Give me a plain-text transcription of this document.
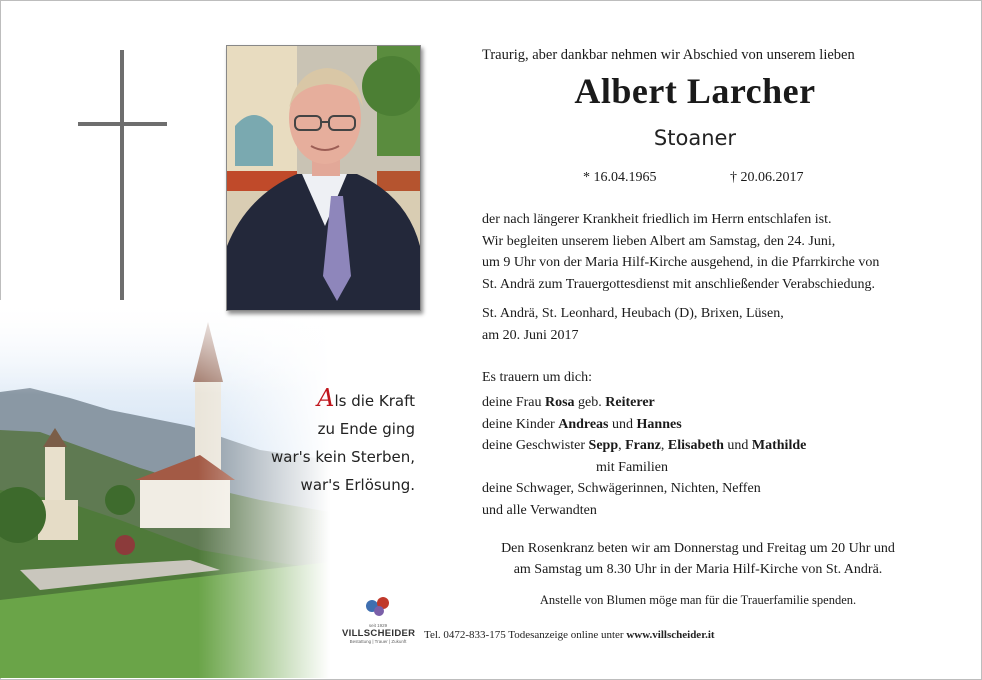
Als die Kraft
zu Ende ging
war's kein Sterben,
war's Erlösung.
Traurig, aber dankbar nehmen wir Abschied von unserem lieben
Albert Larcher
Stoaner
* 16.04.1965	† 20.06.2017
der nach längerer Krankheit friedlich im Herrn entschlafen ist.
Wir begleiten unserem lieben Albert am Samstag, den 24. Juni,
um 9 Uhr von der Maria Hilf-Kirche ausgehend, in die Pfarrkirche von
St. Andrä zum Trauergottesdienst mit anschließender Verabschiedung.
St. Andrä, St. Leonhard, Heubach (D), Brixen, Lüsen,
am 20. Juni 2017
Es trauern um dich:
deine Frau Rosa geb. Reiterer
deine Kinder Andreas und Hannes
deine Geschwister Sepp, Franz, Elisabeth und Mathilde
mit Familien
deine Schwager, Schwägerinnen, Nichten, Neffen
und alle Verwandten
Den Rosenkranz beten wir am Donnerstag und Freitag um 20 Uhr und
am Samstag um 8.30 Uhr in der Maria Hilf-Kirche von St. Andrä.
Anstelle von Blumen möge man für die Trauerfamilie spenden.
seit 1929
VILLSCHEIDER
Bestattung | Trauer | Zukunft
Tel. 0472-833-175 Todesanzeige online unter www.villscheider.it
